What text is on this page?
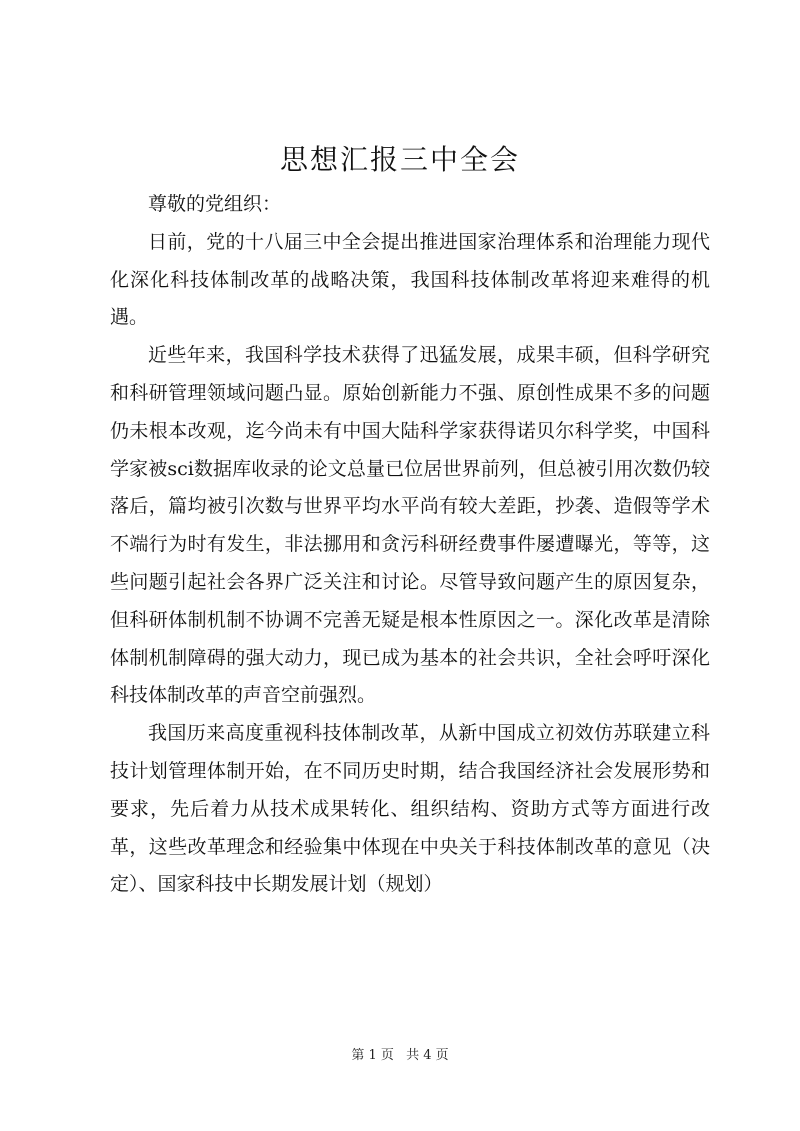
思想汇报三中全会

尊敬的党组织：

日前，党的十八届三中全会提出推进国家治理体系和治理能力现代化深化科技体制改革的战略决策，我国科技体制改革将迎来难得的机遇。

近些年来，我国科学技术获得了迅猛发展，成果丰硕，但科学研究和科研管理领域问题凸显。原始创新能力不强、原创性成果不多的问题仍未根本改观，迄今尚未有中国大陆科学家获得诺贝尔科学奖，中国科学家被sci数据库收录的论文总量已位居世界前列，但总被引用次数仍较落后，篇均被引次数与世界平均水平尚有较大差距，抄袭、造假等学术不端行为时有发生，非法挪用和贪污科研经费事件屡遭曝光，等等，这些问题引起社会各界广泛关注和讨论。尽管导致问题产生的原因复杂，但科研体制机制不协调不完善无疑是根本性原因之一。深化改革是清除体制机制障碍的强大动力，现已成为基本的社会共识，全社会呼吁深化科技体制改革的声音空前强烈。

我国历来高度重视科技体制改革，从新中国成立初效仿苏联建立科技计划管理体制开始，在不同历史时期，结合我国经济社会发展形势和要求，先后着力从技术成果转化、组织结构、资助方式等方面进行改革，这些改革理念和经验集中体现在中央关于科技体制改革的意见（决定）、国家科技中长期发展计划（规划）

第 1 页 共 4 页
